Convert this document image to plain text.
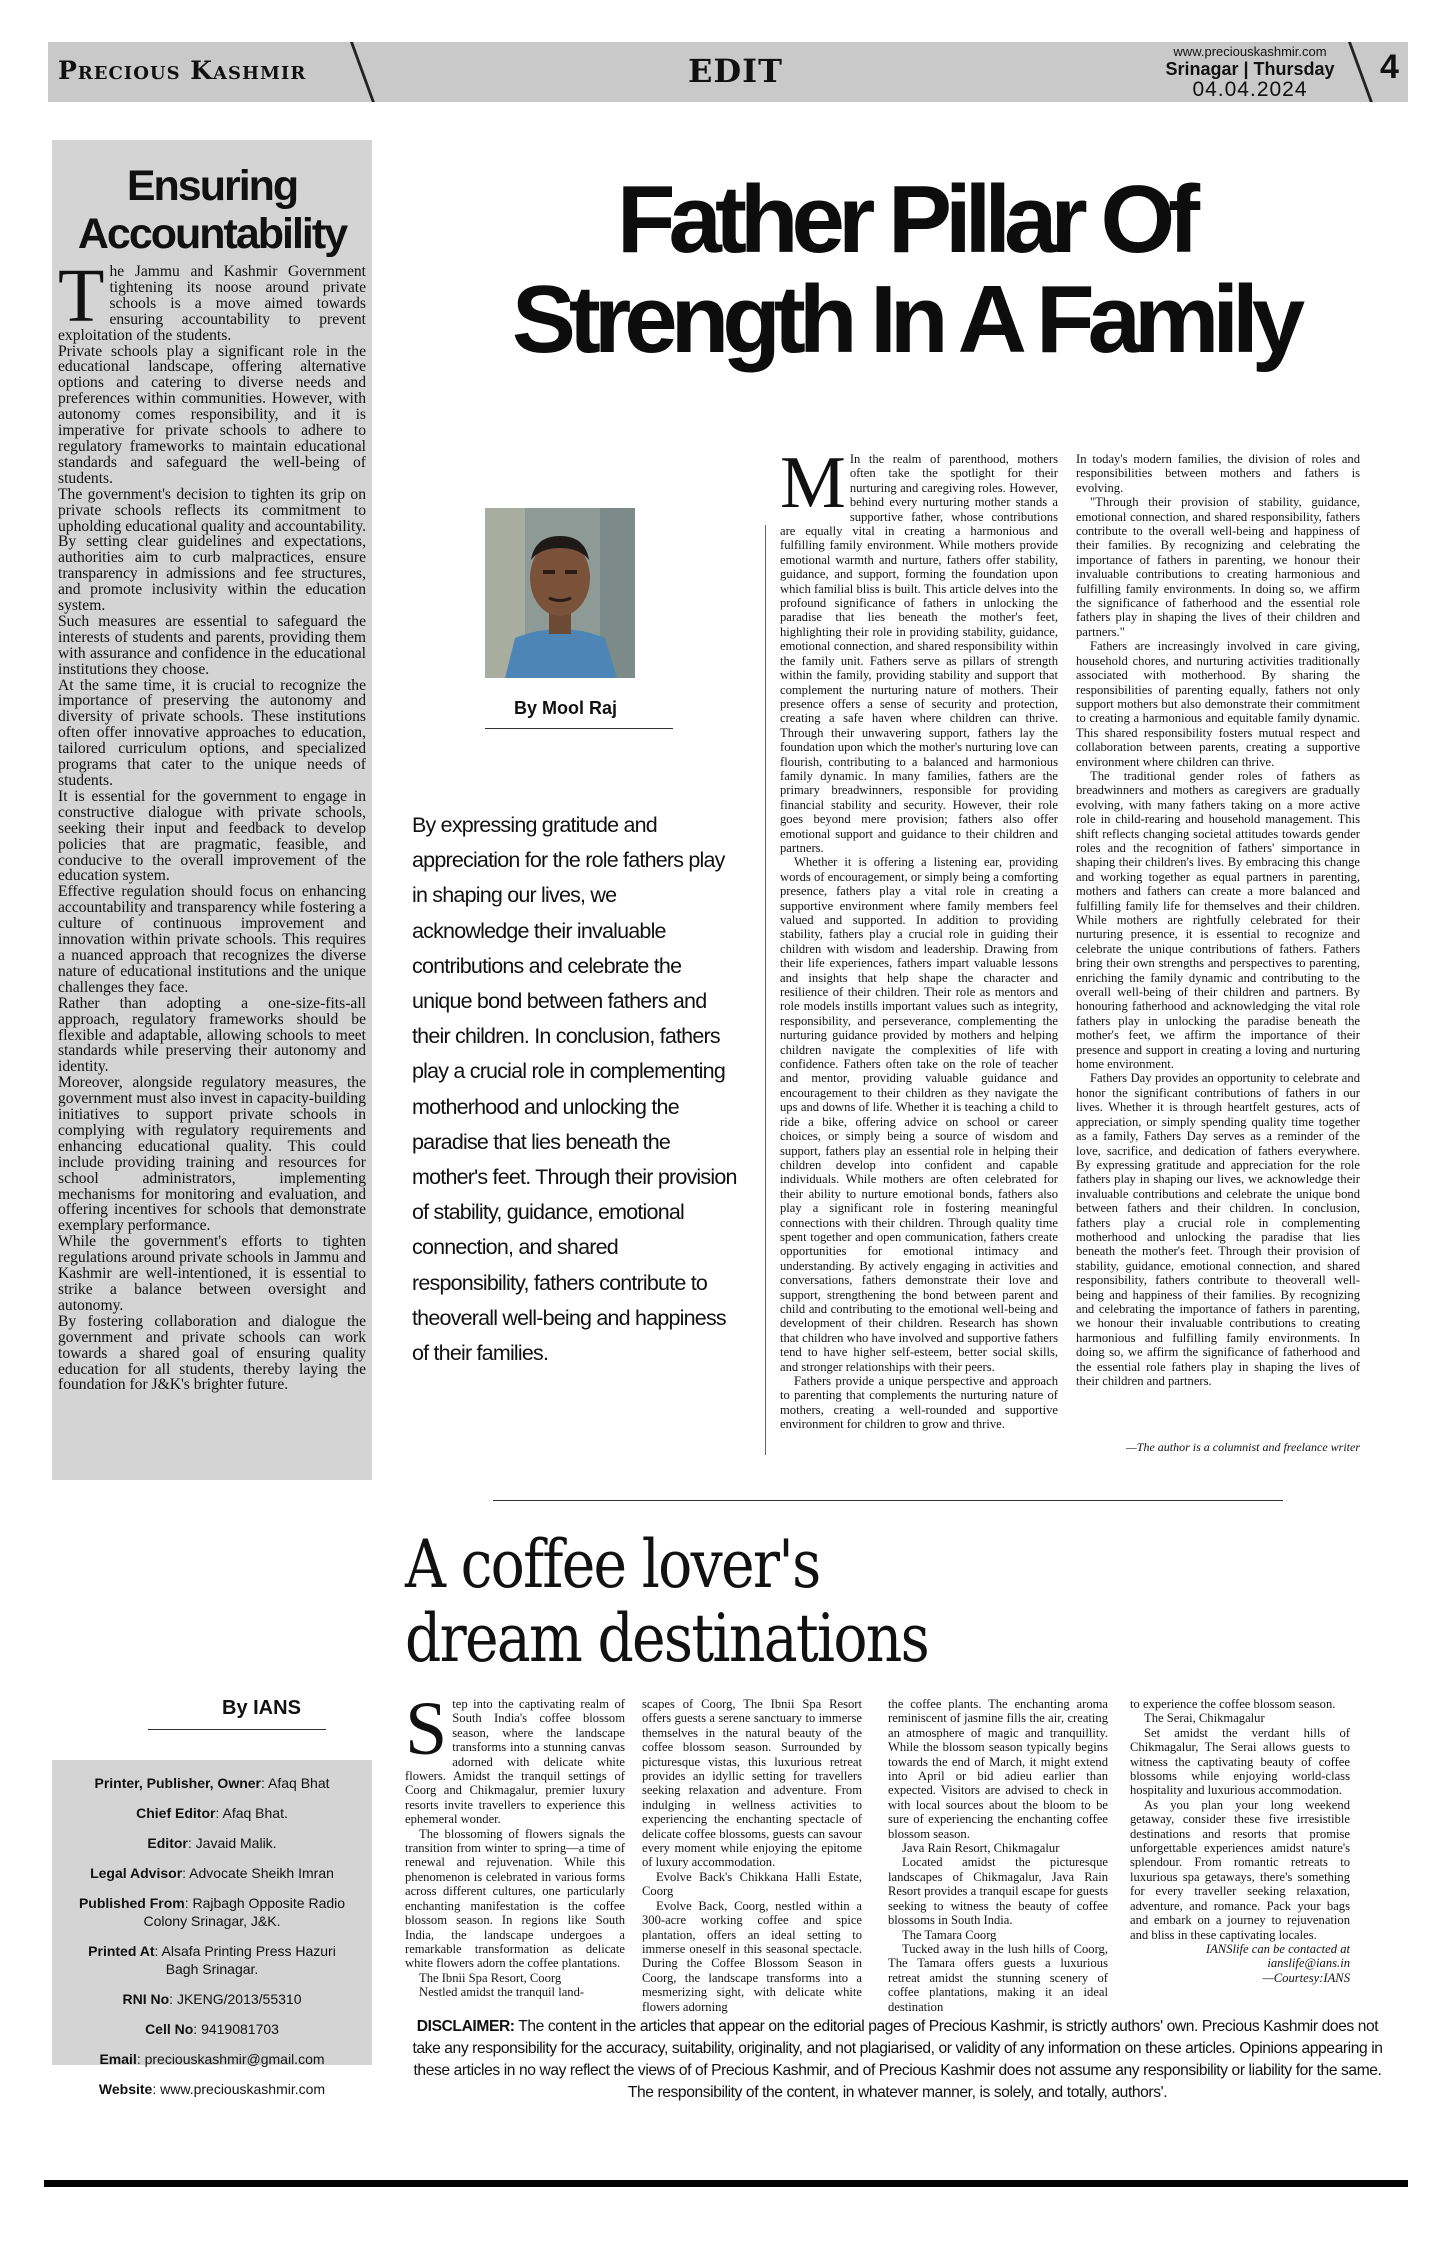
Precious Kashmir	EDIT
www.preciouskashmir.com
Srinagar | Thursday
04.04.2024
4
Ensuring Accountability

The Jammu and Kashmir Government tightening its noose around private schools is a move aimed towards ensuring accountability to prevent exploitation of the students.

Private schools play a significant role in the educational landscape, offering alternative options and catering to diverse needs and preferences within communities. However, with autonomy comes responsibility, and it is imperative for private schools to adhere to regulatory frameworks to maintain educational standards and safeguard the well-being of students.

The government's decision to tighten its grip on private schools reflects its commitment to upholding educational quality and accountability. By setting clear guidelines and expectations, authorities aim to curb malpractices, ensure transparency in admissions and fee structures, and promote inclusivity within the education system.

Such measures are essential to safeguard the interests of students and parents, providing them with assurance and confidence in the educational institutions they choose.

At the same time, it is crucial to recognize the importance of preserving the autonomy and diversity of private schools. These institutions often offer innovative approaches to education, tailored curriculum options, and specialized programs that cater to the unique needs of students.

It is essential for the government to engage in constructive dialogue with private schools, seeking their input and feedback to develop policies that are pragmatic, feasible, and conducive to the overall improvement of the education system.

Effective regulation should focus on enhancing accountability and transparency while fostering a culture of continuous improvement and innovation within private schools. This requires a nuanced approach that recognizes the diverse nature of educational institutions and the unique challenges they face.

Rather than adopting a one-size-fits-all approach, regulatory frameworks should be flexible and adaptable, allowing schools to meet standards while preserving their autonomy and identity.

Moreover, alongside regulatory measures, the government must also invest in capacity-building initiatives to support private schools in complying with regulatory requirements and enhancing educational quality. This could include providing training and resources for school administrators, implementing mechanisms for monitoring and evaluation, and offering incentives for schools that demonstrate exemplary performance.

While the government's efforts to tighten regulations around private schools in Jammu and Kashmir are well-intentioned, it is essential to strike a balance between oversight and autonomy.

By fostering collaboration and dialogue the government and private schools can work towards a shared goal of ensuring quality education for all students, thereby laying the foundation for J&K's brighter future.

Father Pillar Of
Strength In A Family
By Mool Raj
By expressing gratitude and appreciation for the role fathers play in shaping our lives, we acknowledge their invaluable contributions and celebrate the unique bond between fathers and their children. In conclusion, fathers play a crucial role in complementing motherhood and unlocking the paradise that lies beneath the mother's feet. Through their provision of stability, guidance, emotional connection, and shared responsibility, fathers contribute to theoverall well-being and happiness of their families.

M In the realm of parenthood, mothers often take the spotlight for their nurturing and caregiving roles. However, behind every nurturing mother stands a supportive father, whose contributions are equally vital in creating a harmonious and fulfilling family environment. While mothers provide emotional warmth and nurture, fathers offer stability, guidance, and support, forming the foundation upon which familial bliss is built. This article delves into the profound significance of fathers in unlocking the paradise that lies beneath the mother's feet, highlighting their role in providing stability, guidance, emotional connection, and shared responsibility within the family unit. Fathers serve as pillars of strength within the family, providing stability and support that complement the nurturing nature of mothers. Their presence offers a sense of security and protection, creating a safe haven where children can thrive. Through their unwavering support, fathers lay the foundation upon which the mother's nurturing love can flourish, contributing to a balanced and harmonious family dynamic. In many families, fathers are the primary breadwinners, responsible for providing financial stability and security. However, their role goes beyond mere provision; fathers also offer emotional support and guidance to their children and partners.

Whether it is offering a listening ear, providing words of encouragement, or simply being a comforting presence, fathers play a vital role in creating a supportive environment where family members feel valued and supported. In addition to providing stability, fathers play a crucial role in guiding their children with wisdom and leadership. Drawing from their life experiences, fathers impart valuable lessons and insights that help shape the character and resilience of their children. Their role as mentors and role models instills important values such as integrity, responsibility, and perseverance, complementing the nurturing guidance provided by mothers and helping children navigate the complexities of life with confidence. Fathers often take on the role of teacher and mentor, providing valuable guidance and encouragement to their children as they navigate the ups and downs of life. Whether it is teaching a child to ride a bike, offering advice on school or career choices, or simply being a source of wisdom and support, fathers play an essential role in helping their children develop into confident and capable individuals. While mothers are often celebrated for their ability to nurture emotional bonds, fathers also play a significant role in fostering meaningful connections with their children. Through quality time spent together and open communication, fathers create opportunities for emotional intimacy and understanding. By actively engaging in activities and conversations, fathers demonstrate their love and support, strengthening the bond between parent and child and contributing to the emotional well-being and development of their children. Research has shown that children who have involved and supportive fathers tend to have higher self-esteem, better social skills, and stronger relationships with their peers.

Fathers provide a unique perspective and approach to parenting that complements the nurturing nature of mothers, creating a well-rounded and supportive environment for children to grow and thrive.

In today's modern families, the division of roles and responsibilities between mothers and fathers is evolving.

"Through their provision of stability, guidance, emotional connection, and shared responsibility, fathers contribute to the overall well-being and happiness of their families. By recognizing and celebrating the importance of fathers in parenting, we honour their invaluable contributions to creating harmonious and fulfilling family environments. In doing so, we affirm the significance of fatherhood and the essential role fathers play in shaping the lives of their children and partners."

Fathers are increasingly involved in care giving, household chores, and nurturing activities traditionally associated with motherhood. By sharing the responsibilities of parenting equally, fathers not only support mothers but also demonstrate their commitment to creating a harmonious and equitable family dynamic. This shared responsibility fosters mutual respect and collaboration between parents, creating a supportive environment where children can thrive.

The traditional gender roles of fathers as breadwinners and mothers as caregivers are gradually evolving, with many fathers taking on a more active role in child-rearing and household management. This shift reflects changing societal attitudes towards gender roles and the recognition of fathers' simportance in shaping their children's lives. By embracing this change and working together as equal partners in parenting, mothers and fathers can create a more balanced and fulfilling family life for themselves and their children. While mothers are rightfully celebrated for their nurturing presence, it is essential to recognize and celebrate the unique contributions of fathers. Fathers bring their own strengths and perspectives to parenting, enriching the family dynamic and contributing to the overall well-being of their children and partners. By honouring fatherhood and acknowledging the vital role fathers play in unlocking the paradise beneath the mother's feet, we affirm the importance of their presence and support in creating a loving and nurturing home environment.

Fathers Day provides an opportunity to celebrate and honor the significant contributions of fathers in our lives. Whether it is through heartfelt gestures, acts of appreciation, or simply spending quality time together as a family, Fathers Day serves as a reminder of the love, sacrifice, and dedication of fathers everywhere. By expressing gratitude and appreciation for the role fathers play in shaping our lives, we acknowledge their invaluable contributions and celebrate the unique bond between fathers and their children. In conclusion, fathers play a crucial role in complementing motherhood and unlocking the paradise that lies beneath the mother's feet. Through their provision of stability, guidance, emotional connection, and shared responsibility, fathers contribute to theoverall well-being and happiness of their families. By recognizing and celebrating the importance of fathers in parenting, we honour their invaluable contributions to creating harmonious and fulfilling family environments. In doing so, we affirm the significance of fatherhood and the essential role fathers play in shaping the lives of their children and partners.

—The author is a columnist and freelance writer
A coffee lover's
dream destinations
By IANS Step into the captivating realm of South India's coffee blossom season, where the landscape transforms into a stunning canvas adorned with delicate white flowers. Amidst the tranquil settings of Coorg and Chikmagalur, premier luxury resorts invite travellers to experience this ephemeral wonder.

The blossoming of flowers signals the transition from winter to spring—a time of renewal and rejuvenation. While this phenomenon is celebrated in various forms across different cultures, one particularly enchanting manifestation is the coffee blossom season. In regions like South India, the landscape undergoes a remarkable transformation as delicate white flowers adorn the coffee plantations.

The Ibnii Spa Resort, Coorg

Nestled amidst the tranquil land-

scapes of Coorg, The Ibnii Spa Resort offers guests a serene sanctuary to immerse themselves in the natural beauty of the coffee blossom season. Surrounded by picturesque vistas, this luxurious retreat provides an idyllic setting for travellers seeking relaxation and adventure. From indulging in wellness activities to experiencing the enchanting spectacle of delicate coffee blossoms, guests can savour every moment while enjoying the epitome of luxury accommodation.

Evolve Back's Chikkana Halli Estate, Coorg

Evolve Back, Coorg, nestled within a 300-acre working coffee and spice plantation, offers an ideal setting to immerse oneself in this seasonal spectacle. During the Coffee Blossom Season in Coorg, the landscape transforms into a mesmerizing sight, with delicate white flowers adorning

the coffee plants. The enchanting aroma reminiscent of jasmine fills the air, creating an atmosphere of magic and tranquillity. While the blossom season typically begins towards the end of March, it might extend into April or bid adieu earlier than expected. Visitors are advised to check in with local sources about the bloom to be sure of experiencing the enchanting coffee blossom season.

Java Rain Resort, Chikmagalur

Located amidst the picturesque landscapes of Chikmagalur, Java Rain Resort provides a tranquil escape for guests seeking to witness the beauty of coffee blossoms in South India.

The Tamara Coorg

Tucked away in the lush hills of Coorg, The Tamara offers guests a luxurious retreat amidst the stunning scenery of coffee plantations, making it an ideal destination

to experience the coffee blossom season.

The Serai, Chikmagalur

Set amidst the verdant hills of Chikmagalur, The Serai allows guests to witness the captivating beauty of coffee blossoms while enjoying world-class hospitality and luxurious accommodation.

As you plan your long weekend getaway, consider these five irresistible destinations and resorts that promise unforgettable experiences amidst nature's splendour. From romantic retreats to luxurious spa getaways, there's something for every traveller seeking relaxation, adventure, and romance. Pack your bags and embark on a journey to rejuvenation and bliss in these captivating locales.

IANSlife can be contacted at ianslife@ians.in

—Courtesy:IANS

Printer, Publisher, Owner: Afaq Bhat
Chief Editor: Afaq Bhat.
Editor: Javaid Malik.
Legal Advisor: Advocate Sheikh Imran
Published From: Rajbagh Opposite Radio Colony Srinagar, J&K.
Printed At: Alsafa Printing Press Hazuri Bagh Srinagar.
RNI No: JKENG/2013/55310
Cell No: 9419081703
Email: preciouskashmir@gmail.com
Website: www.preciouskashmir.com
DISCLAIMER: The content in the articles that appear on the editorial pages of Precious Kashmir, is strictly authors' own. Precious Kashmir does not take any responsibility for the accuracy, suitability, originality, and not plagiarised, or validity of any information on these articles. Opinions appearing in these articles in no way reflect the views of of Precious Kashmir, and of Precious Kashmir does not assume any responsibility or liability for the same. The responsibility of the content, in whatever manner, is solely, and totally, authors'.
